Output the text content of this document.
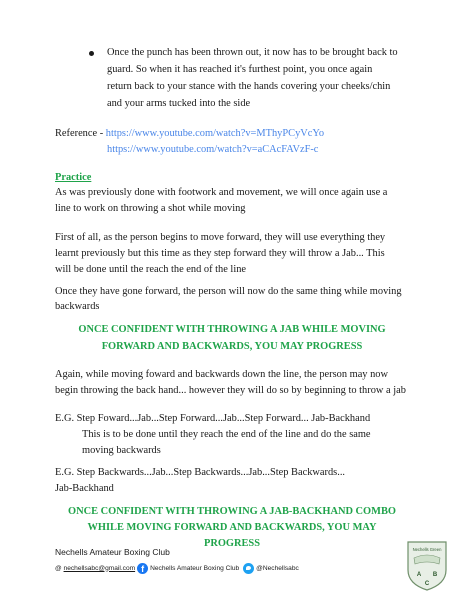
Once the punch has been thrown out, it now has to be brought back to
guard. So when it has reached it's furthest point, you once again
return back to your stance with the hands covering your cheeks/chin
and your arms tucked into the side
Reference - https://www.youtube.com/watch?v=MThyPCyVcYo
https://www.youtube.com/watch?v=aCAcFAVzF-c
Practice
As was previously done with footwork and movement, we will once again use a
line to work on throwing a shot while moving
First of all, as the person begins to move forward, they will use everything they
learnt previously but this time as they step forward they will throw a Jab... This
will be done until the reach the end of the line
Once they have gone forward, the person will now do the same thing while moving
backwards
ONCE CONFIDENT WITH THROWING A JAB WHILE MOVING
FORWARD AND BACKWARDS, YOU MAY PROGRESS
Again, while moving foward and backwards down the line, the person may now
begin throwing the back hand... however they will do so by beginning to throw a jab
E.G. Step Foward...Jab...Step Forward...Jab...Step Forward... Jab-Backhand
This is to be done until they reach the end of the line and do the same
moving backwards
E.G. Step Backwards...Jab...Step Backwards...Jab...Step Backwards...
Jab-Backhand
ONCE CONFIDENT WITH THROWING A JAB-BACKHAND COMBO
WHILE MOVING FORWARD AND BACKWARDS, YOU MAY
PROGRESS
Nechells Amateur Boxing Club
@
nechellsabc@gmail.com f Nechells Amateur Boxing Club	@Nechellsabc
Nechells Green
A B
C
